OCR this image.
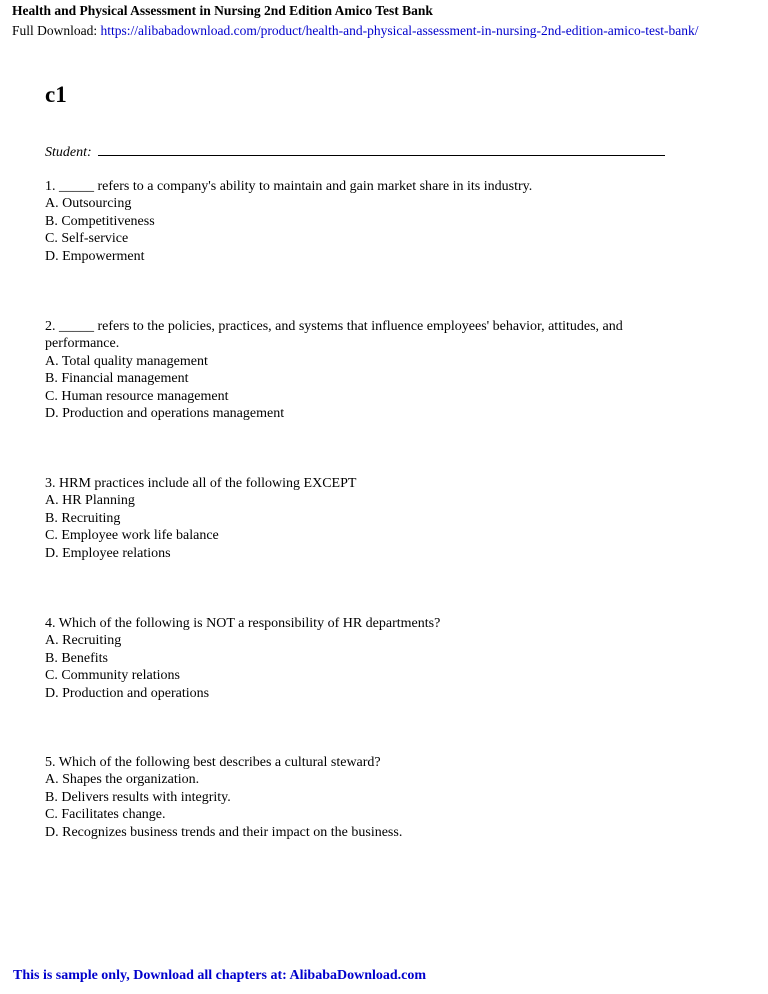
Health and Physical Assessment in Nursing 2nd Edition Amico Test Bank
Full Download: https://alibabadownload.com/product/health-and-physical-assessment-in-nursing-2nd-edition-amico-test-bank/
c1
Student:
1. _____ refers to a company's ability to maintain and gain market share in its industry.
A. Outsourcing
B. Competitiveness
C. Self-service
D. Empowerment
2. _____ refers to the policies, practices, and systems that influence employees' behavior, attitudes, and performance.
A. Total quality management
B. Financial management
C. Human resource management
D. Production and operations management
3. HRM practices include all of the following EXCEPT
A. HR Planning
B. Recruiting
C. Employee work life balance
D. Employee relations
4. Which of the following is NOT a responsibility of HR departments?
A. Recruiting
B. Benefits
C. Community relations
D. Production and operations
5. Which of the following best describes a cultural steward?
A. Shapes the organization.
B. Delivers results with integrity.
C. Facilitates change.
D. Recognizes business trends and their impact on the business.
This is sample only, Download all chapters at: AlibabaDownload.com
